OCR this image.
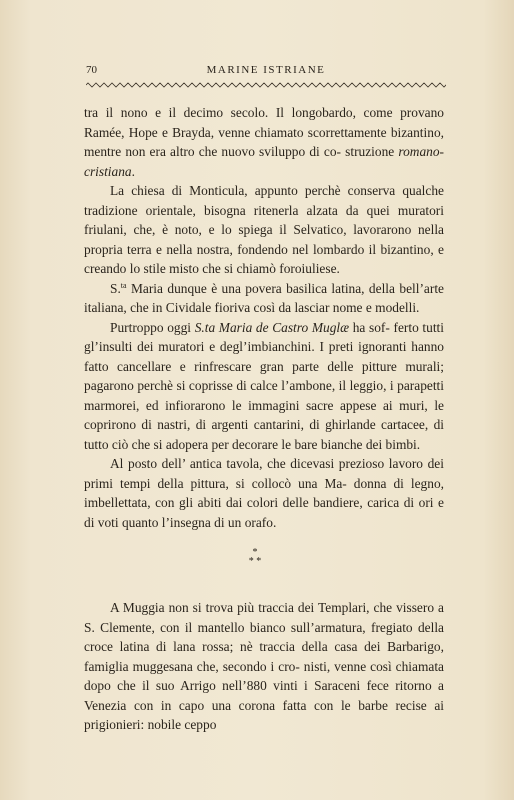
70	MARINE ISTRIANE

tra il nono e il decimo secolo. Il longobardo, come provano Ramée, Hope e Brayda, venne chiamato scorrettamente bizantino, mentre non era altro che nuovo sviluppo di co- struzione romano-cristiana.

La chiesa di Monticula, appunto perchè conserva qualche tradizione orientale, bisogna ritenerla alzata da quei muratori friulani, che, è noto, e lo spiega il Selvatico, lavorarono nella propria terra e nella nostra, fondendo nel lombardo il bizantino, e creando lo stile misto che si chiamò foroiuliese.

S.$^{ta}$ Maria dunque è una povera basilica latina, della bell’arte italiana, che in Cividale fioriva così da lasciar nome e modelli.

Purtroppo oggi S.ta Maria de Castro Muglæ ha sof- ferto tutti gl’insulti dei muratori e degl’imbianchini. I preti ignoranti hanno fatto cancellare e rinfrescare gran parte delle pitture murali; pagarono perchè si coprisse di calce l’ambone, il leggio, i parapetti marmorei, ed infiorarono le immagini sacre appese ai muri, le coprirono di nastri, di argenti cantarini, di ghirlande cartacee, di tutto ciò che si adopera per decorare le bare bianche dei bimbi.

Al posto dell’ antica tavola, che dicevasi prezioso lavoro dei primi tempi della pittura, si collocò una Ma- donna di legno, imbellettata, con gli abiti dai colori delle bandiere, carica di ori e di voti quanto l’insegna di un orafo.

*
* *

A Muggia non si trova più traccia dei Templari, che vissero a S. Clemente, con il mantello bianco sull’armatura, fregiato della croce latina di lana rossa; nè traccia della casa dei Barbarigo, famiglia muggesana che, secondo i cro- nisti, venne così chiamata dopo che il suo Arrigo nell’880 vinti i Saraceni fece ritorno a Venezia con in capo una corona fatta con le barbe recise ai prigionieri: nobile ceppo
